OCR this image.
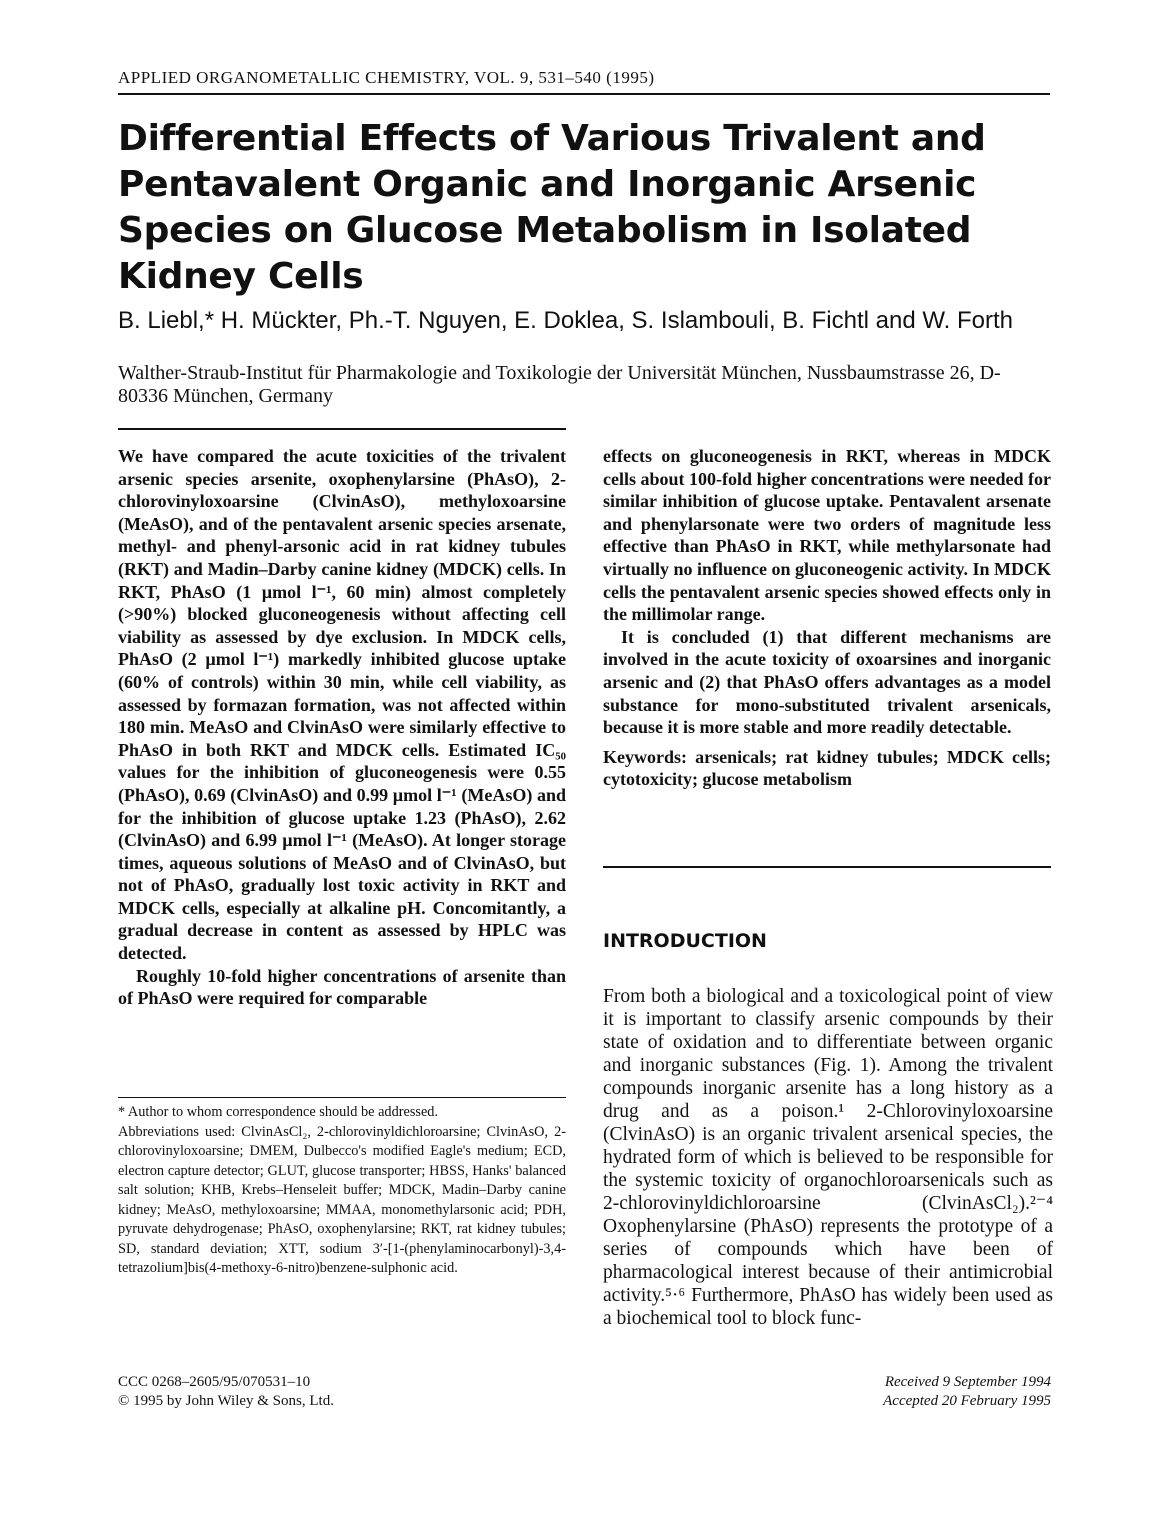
APPLIED ORGANOMETALLIC CHEMISTRY, VOL. 9, 531–540 (1995)
Differential Effects of Various Trivalent and Pentavalent Organic and Inorganic Arsenic Species on Glucose Metabolism in Isolated Kidney Cells

B. Liebl,* H. Mückter, Ph.-T. Nguyen, E. Doklea, S. Islambouli, B. Fichtl and W. Forth

Walther-Straub-Institut für Pharmakologie and Toxikologie der Universität München, Nussbaumstrasse 26, D-80336 München, Germany

We have compared the acute toxicities of the trivalent arsenic species arsenite, oxophenylarsine (PhAsO), 2-chlorovinyloxoarsine (ClvinAsO), methyloxoarsine (MeAsO), and of the pentavalent arsenic species arsenate, methyl- and phenyl-arsonic acid in rat kidney tubules (RKT) and Madin–Darby canine kidney (MDCK) cells. In RKT, PhAsO (1 µmol l⁻¹, 60 min) almost completely (>90%) blocked gluconeogenesis without affecting cell viability as assessed by dye exclusion. In MDCK cells, PhAsO (2 µmol l⁻¹) markedly inhibited glucose uptake (60% of controls) within 30 min, while cell viability, as assessed by formazan formation, was not affected within 180 min. MeAsO and ClvinAsO were similarly effective to PhAsO in both RKT and MDCK cells. Estimated IC₅₀ values for the inhibition of gluconeogenesis were 0.55 (PhAsO), 0.69 (ClvinAsO) and 0.99 µmol l⁻¹ (MeAsO) and for the inhibition of glucose uptake 1.23 (PhAsO), 2.62 (ClvinAsO) and 6.99 µmol l⁻¹ (MeAsO). At longer storage times, aqueous solutions of MeAsO and of ClvinAsO, but not of PhAsO, gradually lost toxic activity in RKT and MDCK cells, especially at alkaline pH. Concomitantly, a gradual decrease in content as assessed by HPLC was detected.

Roughly 10-fold higher concentrations of arsenite than of PhAsO were required for comparable

effects on gluconeogenesis in RKT, whereas in MDCK cells about 100-fold higher concentrations were needed for similar inhibition of glucose uptake. Pentavalent arsenate and phenylarsonate were two orders of magnitude less effective than PhAsO in RKT, while methylarsonate had virtually no influence on gluconeogenic activity. In MDCK cells the pentavalent arsenic species showed effects only in the millimolar range.

It is concluded (1) that different mechanisms are involved in the acute toxicity of oxoarsines and inorganic arsenic and (2) that PhAsO offers advantages as a model substance for mono-substituted trivalent arsenicals, because it is more stable and more readily detectable.

Keywords: arsenicals; rat kidney tubules; MDCK cells; cytotoxicity; glucose metabolism

INTRODUCTION

From both a biological and a toxicological point of view it is important to classify arsenic compounds by their state of oxidation and to differentiate between organic and inorganic substances (Fig. 1). Among the trivalent compounds inorganic arsenite has a long history as a drug and as a poison.¹ 2-Chlorovinyloxoarsine (ClvinAsO) is an organic trivalent arsenical species, the hydrated form of which is believed to be responsible for the systemic toxicity of organochloroarsenicals such as 2-chlorovinyldichloroarsine (ClvinAsCl₂).²⁻⁴ Oxophenylarsine (PhAsO) represents the prototype of a series of compounds which have been of pharmacological interest because of their antimicrobial activity.⁵·⁶ Furthermore, PhAsO has widely been used as a biochemical tool to block func-

* Author to whom correspondence should be addressed.

Abbreviations used: ClvinAsCl₂, 2-chlorovinyldichloroarsine; ClvinAsO, 2-chlorovinyloxoarsine; DMEM, Dulbecco's modified Eagle's medium; ECD, electron capture detector; GLUT, glucose transporter; HBSS, Hanks' balanced salt solution; KHB, Krebs–Henseleit buffer; MDCK, Madin–Darby canine kidney; MeAsO, methyloxoarsine; MMAA, monomethylarsonic acid; PDH, pyruvate dehydrogenase; PhAsO, oxophenylarsine; RKT, rat kidney tubules; SD, standard deviation; XTT, sodium 3′-[1-(phenylaminocarbonyl)-3,4-tetrazolium]bis(4-methoxy-6-nitro)benzene-sulphonic acid.

CCC 0268–2605/95/070531–10
© 1995 by John Wiley & Sons, Ltd.
Received 9 September 1994
Accepted 20 February 1995
